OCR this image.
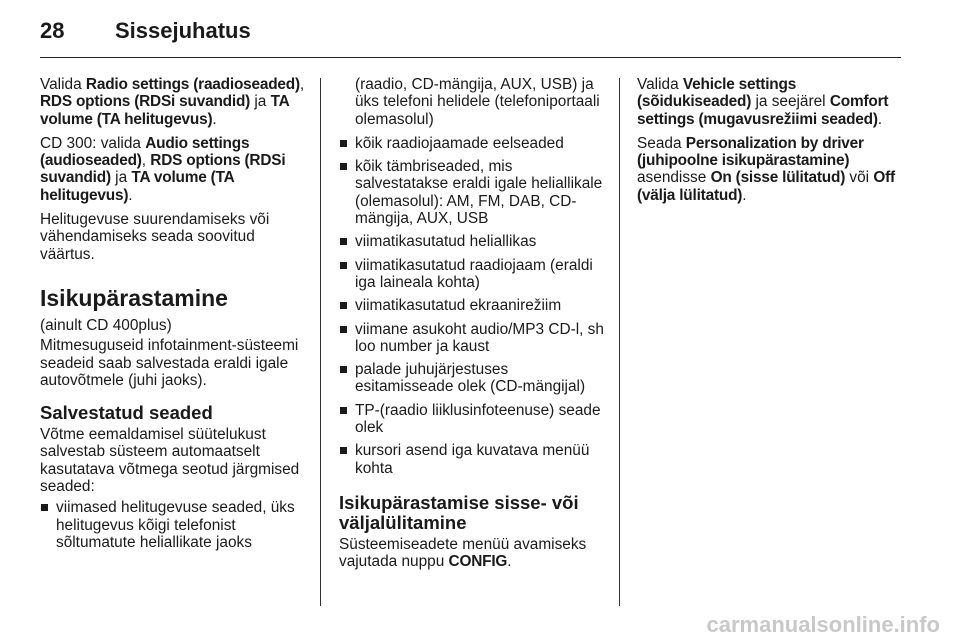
28 Sissejuhatus

Valida Radio settings (raadioseaded), RDS options (RDSi suvandid) ja TA volume (TA helitugevus).

CD 300: valida Audio settings (audioseaded), RDS options (RDSi suvandid) ja TA volume (TA helitugevus).

Helitugevuse suurendamiseks või vähendamiseks seada soovitud väärtus.

Isikupärastamine

(ainult CD 400plus)

Mitmesuguseid infotainment-süsteemi seadeid saab salvestada eraldi igale autovõtmele (juhi jaoks).

Salvestatud seaded

Võtme eemaldamisel süütelukust salvestab süsteem automaatselt kasutatava võtmega seotud järgmised seaded:

viimased helitugevuse seaded, üks helitugevus kõigi telefonist sõltumatute heliallikate jaoks

(raadio, CD-mängija, AUX, USB) ja üks telefoni helidele (telefoniportaali olemasolul)

kõik raadiojaamade eelseaded
kõik tämbriseaded, mis salvestatakse eraldi igale heliallikale (olemasolul): AM, FM, DAB, CD-mängija, AUX, USB
viimatikasutatud heliallikas
viimatikasutatud raadiojaam (eraldi iga laineala kohta)
viimatikasutatud ekraanirežiim
viimane asukoht audio/MP3 CD-l, sh loo number ja kaust
palade juhujärjestuses esitamisseade olek (CD-mängijal)
TP-(raadio liiklusinfoteenuse) seade olek
kursori asend iga kuvatava menüü kohta
Isikupärastamise sisse- või väljalülitamine

Süsteemiseadete menüü avamiseks vajutada nuppu CONFIG.

Valida Vehicle settings (sõidukiseaded) ja seejärel Comfort settings (mugavusrežiimi seaded).

Seada Personalization by driver (juhipoolne isikupärastamine) asendisse On (sisse lülitatud) või Off (välja lülitatud).

carmanualsonline.info
